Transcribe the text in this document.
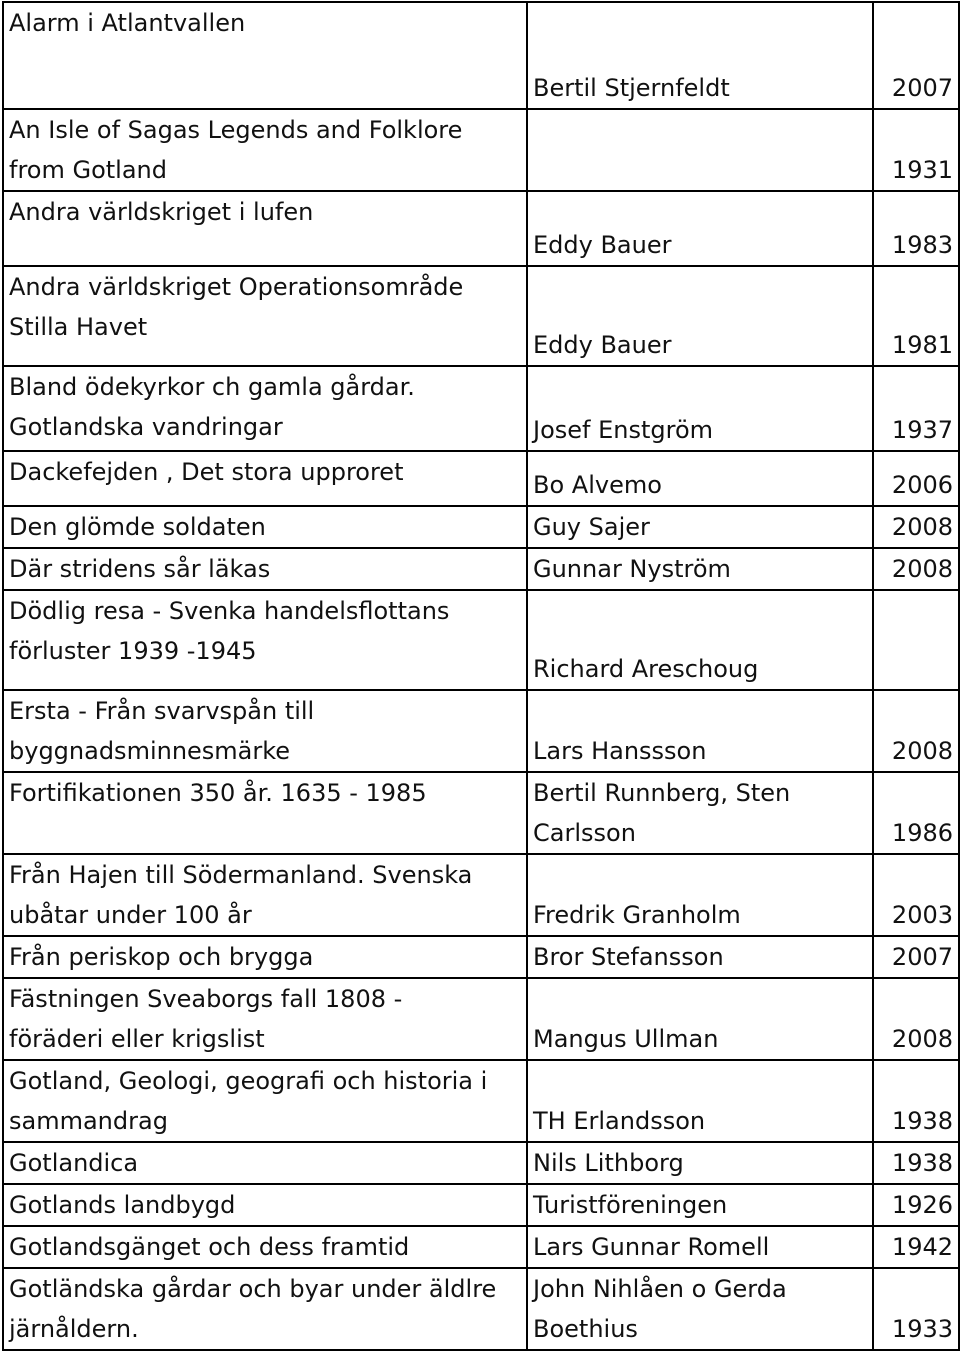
Alarm i Atlantvallen	Bertil Stjernfeldt	2007

An Isle of Sagas Legends and Folklore
from Gotland		1931

Andra världskriget i lufen	Eddy Bauer	1983

Andra världskriget Operationsområde
Stilla Havet	Eddy Bauer	1981

Bland ödekyrkor ch gamla gårdar.
Gotlandska vandringar	Josef Enstgröm	1937

Dackefejden , Det stora upproret	Bo Alvemo	2006

Den glömde soldaten	Guy Sajer	2008

Där stridens sår läkas	Gunnar Nyström	2008

Dödlig resa - Svenka handelsflottans
förluster 1939 -1945	Richard Areschoug	

Ersta - Från svarvspån till
byggnadsminnesmärke	Lars Hanssson	2008

Fortifikationen 350 år. 1635 - 1985	Bertil Runnberg, Sten Carlsson	1986

Från Hajen till Södermanland. Svenska
ubåtar under 100 år	Fredrik Granholm	2003

Från periskop och brygga	Bror Stefansson	2007

Fästningen Sveaborgs fall 1808 -
föräderi eller krigslist	Mangus Ullman	2008

Gotland, Geologi, geografi och historia i
sammandrag	TH Erlandsson	1938

Gotlandica	Nils Lithborg	1938

Gotlands landbygd	Turistföreningen	1926

Gotlandsgänget och dess framtid	Lars Gunnar Romell	1942

Gotländska gårdar och byar under äldlre
järnåldern.	John Nihlåen o Gerda Boethius	1933
